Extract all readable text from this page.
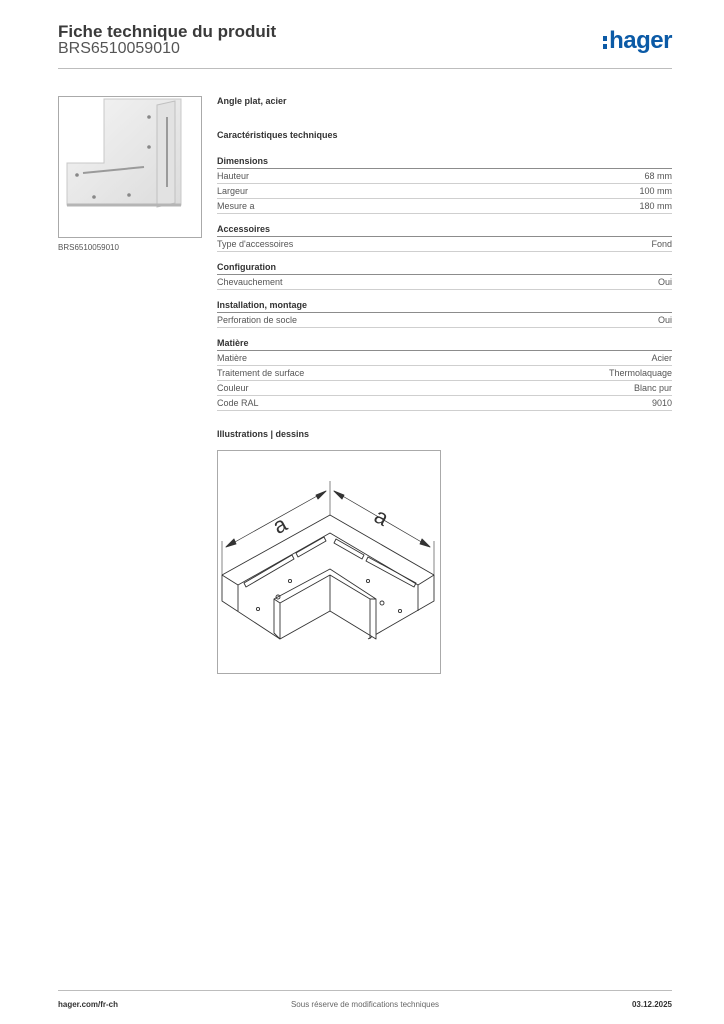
Fiche technique du produit
BRS6510059010	hager
BRS6510059010
Angle plat, acier
Caractéristiques techniques
Dimensions
Hauteur	68 mm
Largeur	100 mm
Mesure a	180 mm
Accessoires
Type d'accessoires	Fond
Configuration
Chevauchement	Oui
Installation, montage
Perforation de socle	Oui
Matière
Matière	Acier
Traitement de surface	Thermolaquage
Couleur	Blanc pur
Code RAL	9010
Illustrations | dessins
a	a
hager.com/fr-ch	Sous réserve de modifications techniques	03.12.2025
